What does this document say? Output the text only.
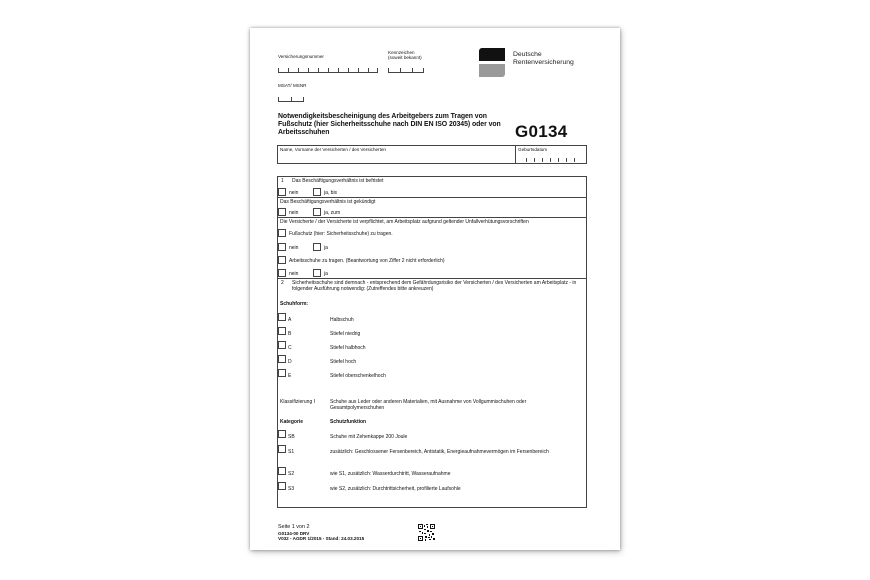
Versicherungsnummer
Kennzeichen
(soweit bekannt)
MSAT/ MSNR
Deutsche
Rentenversicherung
Notwendigkeitsbescheinigung des Arbeitgebers zum Tragen von Fußschutz (hier Sicherheitsschuhe nach DIN EN ISO 20345) oder von Arbeitsschuhen	G0134
Name, Vorname der Versicherten / des Versicherten	Geburtsdatum
1 Das Beschäftigungsverhältnis ist befristet
nein	ja, bis
Das Beschäftigungsverhältnis ist gekündigt
nein	ja, zum
Die Versicherte / der Versicherte ist verpflichtet, am Arbeitsplatz aufgrund geltender Unfallverhütungsvorschriften
Fußschutz (hier: Sicherheitsschuhe) zu tragen.
nein	ja
Arbeitsschuhe zu tragen. (Beantwortung von Ziffer 2 nicht erforderlich)
nein	ja
2 Sicherheitsschuhe sind demnach - entsprechend dem Gefährdungsrisiko der Versicherten / des Versicherten am Arbeitsplatz - in folgender Ausführung notwendig: (Zutreffendes bitte ankreuzen)
Schuhform:
A	Halbschuh
B	Stiefel niedrig
C	Stiefel halbhoch
D	Stiefel hoch
E	Stiefel oberschenkelhoch
Klassifizierung I	Schuhe aus Leder oder anderen Materialien, mit Ausnahme von Vollgummischuhen oder Gesamtpolymerschuhen
Kategorie	Schutzfunktion
SB	Schuhe mit Zehenkappe 200 Joule
S1	zusätzlich: Geschlossener Fersenbereich, Antistatik, Energieaufnahmevermögen im Fersenbereich
S2	wie S1, zusätzlich: Wasserdurchtritt, Wasseraufnahme
S3	wie S2, zusätzlich: Durchtrittsicherheit, profilierte Laufsohle
Seite 1 von 2
G0134-00 DRV
V032 - AGDR 1/2015 - Stand: 24.03.2015
